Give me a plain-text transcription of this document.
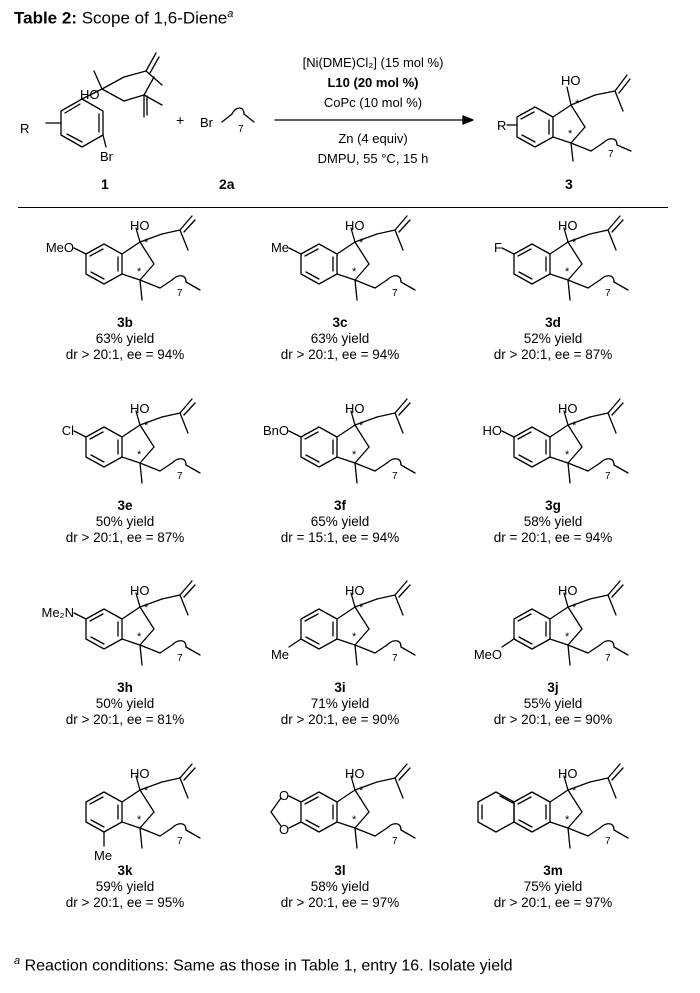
Table 2: Scope of 1,6-Diene$^a$
HO
R
Br
1
+ Br	7
2a
[Ni(DME)Cl₂] (15 mol %)
L10 (20 mol %)
CoPc (10 mol %)
Zn (4 equiv)
DMPU, 55 °C, 15 h
HO
R
*
*
7
3
HO
*
*
7
MeO
3b
63% yield
dr > 20:1, ee = 94%
HO
*
*
7
Me
3c
63% yield
dr > 20:1, ee = 94%
HO
*
*
7
F
3d
52% yield
dr > 20:1, ee = 87%
HO
*
*
7
Cl
3e
50% yield
dr > 20:1, ee = 87%
HO
*
*
7
BnO
3f
65% yield
dr = 15:1, ee = 94%
HO
*
*
7
HO
3g
58% yield
dr = 20:1, ee = 94%
HO
*
*
7
Me₂N
3h
50% yield
dr > 20:1, ee = 81%
HO
*
*
7
Me
3i
71% yield
dr > 20:1, ee = 90%
HO
*
*
7
MeO
3j
55% yield
dr > 20:1, ee = 90%
HO
*
*
7
Me
3k
59% yield
dr > 20:1, ee = 95%
HO
*
*
7
O
O
3l
58% yield
dr > 20:1, ee = 97%
HO
*
*
7
3m
75% yield
dr > 20:1, ee = 97%
$^a$ Reaction conditions: Same as those in Table 1, entry 16. Isolate yield
